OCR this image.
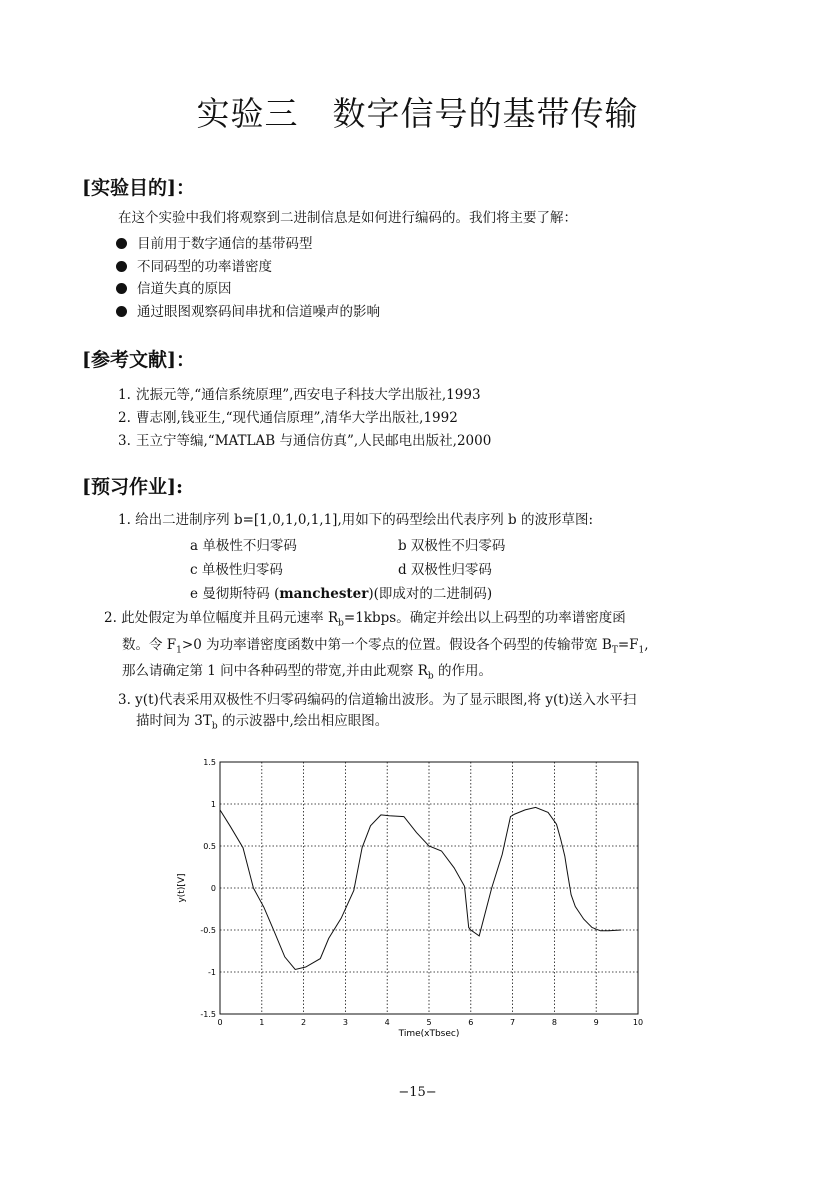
实验三　数字信号的基带传输
[实验目的]：
在这个实验中我们将观察到二进制信息是如何进行编码的。我们将主要了解：
目前用于数字通信的基带码型
不同码型的功率谱密度
信道失真的原因
通过眼图观察码间串扰和信道噪声的影响
[参考文献]：
1. 沈振元等,“通信系统原理”,西安电子科技大学出版社,1993
2. 曹志刚,钱亚生,“现代通信原理”,清华大学出版社,1992
3. 王立宁等编,“MATLAB 与通信仿真”,人民邮电出版社,2000
[预习作业]:
1. 给出二进制序列 b=[1,0,1,0,1,1],用如下的码型绘出代表序列 b 的波形草图:
a 单极性不归零码	b 双极性不归零码
c 单极性归零码	d 双极性归零码
e 曼彻斯特码 (manchester)(即成对的二进制码)
2. 此处假定为单位幅度并且码元速率 $R_b=1kbps$。确定并绘出以上码型的功率谱密度函
数。令 $F_1>0$ 为功率谱密度函数中第一个零点的位置。假设各个码型的传输带宽 $B_T=F_1$,
那么请确定第 1 问中各种码型的带宽,并由此观察 $R_b$ 的作用。
3. y(t)代表采用双极性不归零码编码的信道输出波形。为了显示眼图,将 y(t)送入水平扫
描时间为 $3T_b$ 的示波器中,绘出相应眼图。
0	1	2	3	4	5	6	7	8	9	10
1.5
1
0.5
0
-0.5
-1
-1.5
Time(xTbsec)
y(t)[V]
−15−
